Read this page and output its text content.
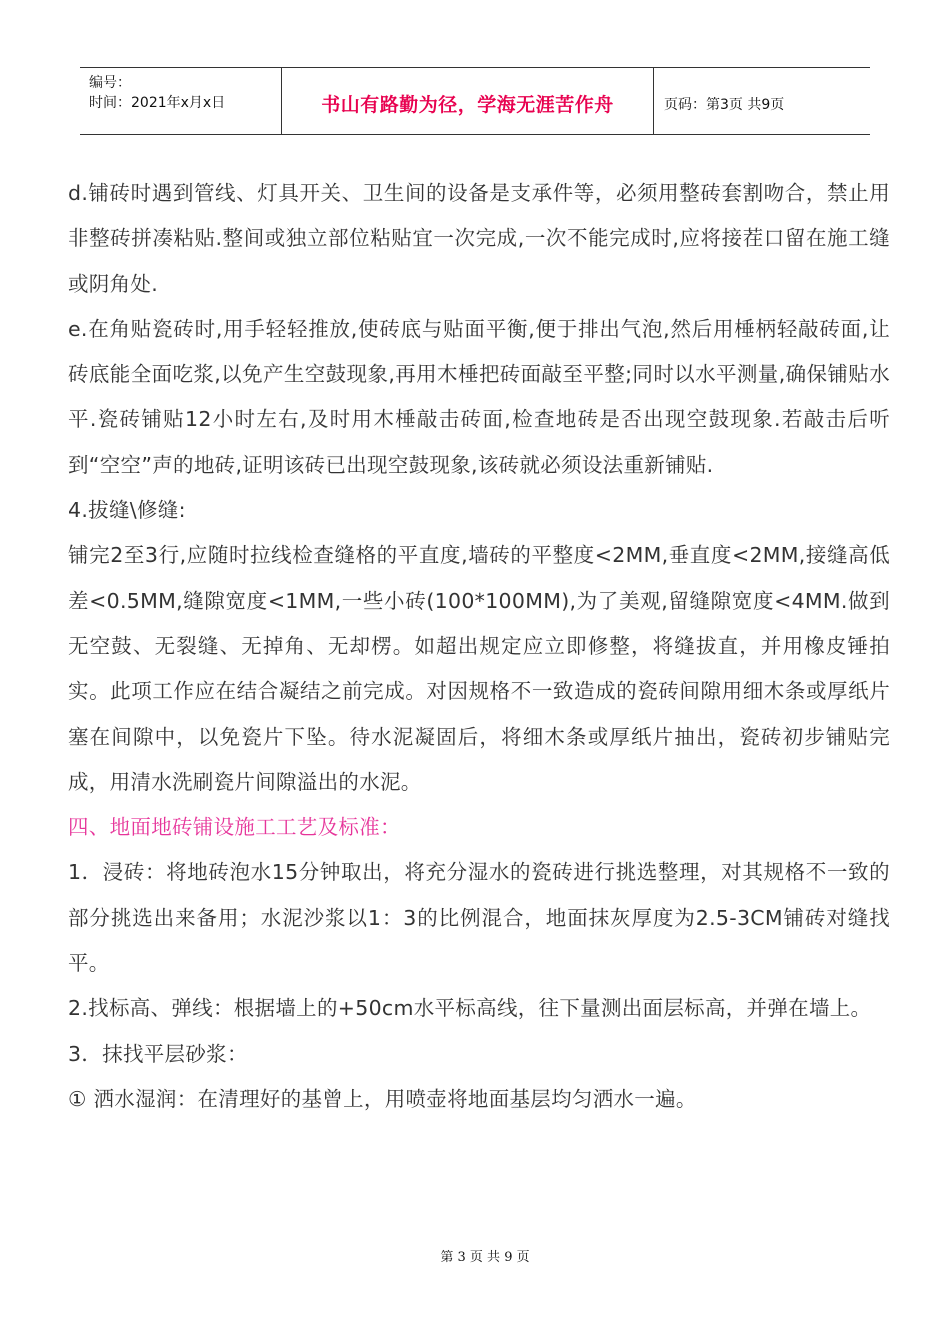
编号：
时间：2021年x月x日	书山有路勤为径，学海无涯苦作舟	页码：第3页 共9页

d.铺砖时遇到管线、灯具开关、卫生间的设备是支承件等，必须用整砖套割吻合，禁止用非整砖拼凑粘贴.整间或独立部位粘贴宜一次完成,一次不能完成时,应将接茬口留在施工缝或阴角处.

e.在角贴瓷砖时,用手轻轻推放,使砖底与贴面平衡,便于排出气泡,然后用棰柄轻敲砖面,让砖底能全面吃浆,以免产生空鼓现象,再用木棰把砖面敲至平整;同时以水平测量,确保铺贴水平.瓷砖铺贴12小时左右,及时用木棰敲击砖面,检查地砖是否出现空鼓现象.若敲击后听到“空空”声的地砖,证明该砖已出现空鼓现象,该砖就必须设法重新铺贴.

4.拔缝\修缝:

铺完2至3行,应随时拉线检查缝格的平直度,墙砖的平整度<2MM,垂直度<2MM,接缝高低差<0.5MM,缝隙宽度<1MM,一些小砖(100*100MM),为了美观,留缝隙宽度<4MM.做到无空鼓、无裂缝、无掉角、无却楞。如超出规定应立即修整，将缝拔直，并用橡皮锤拍实。此项工作应在结合凝结之前完成。对因规格不一致造成的瓷砖间隙用细木条或厚纸片塞在间隙中，以免瓷片下坠。待水泥凝固后，将细木条或厚纸片抽出，瓷砖初步铺贴完成，用清水洗刷瓷片间隙溢出的水泥。

四、地面地砖铺设施工工艺及标准：

1．浸砖：将地砖泡水15分钟取出，将充分湿水的瓷砖进行挑选整理，对其规格不一致的部分挑选出来备用；水泥沙浆以1：3的比例混合，地面抹灰厚度为2.5-3CM铺砖对缝找平。

2.找标高、弹线：根据墙上的+50cm水平标高线，往下量测出面层标高，并弹在墙上。

3．抹找平层砂浆：

① 洒水湿润：在清理好的基曾上，用喷壶将地面基层均匀洒水一遍。

第 3 页 共 9 页
